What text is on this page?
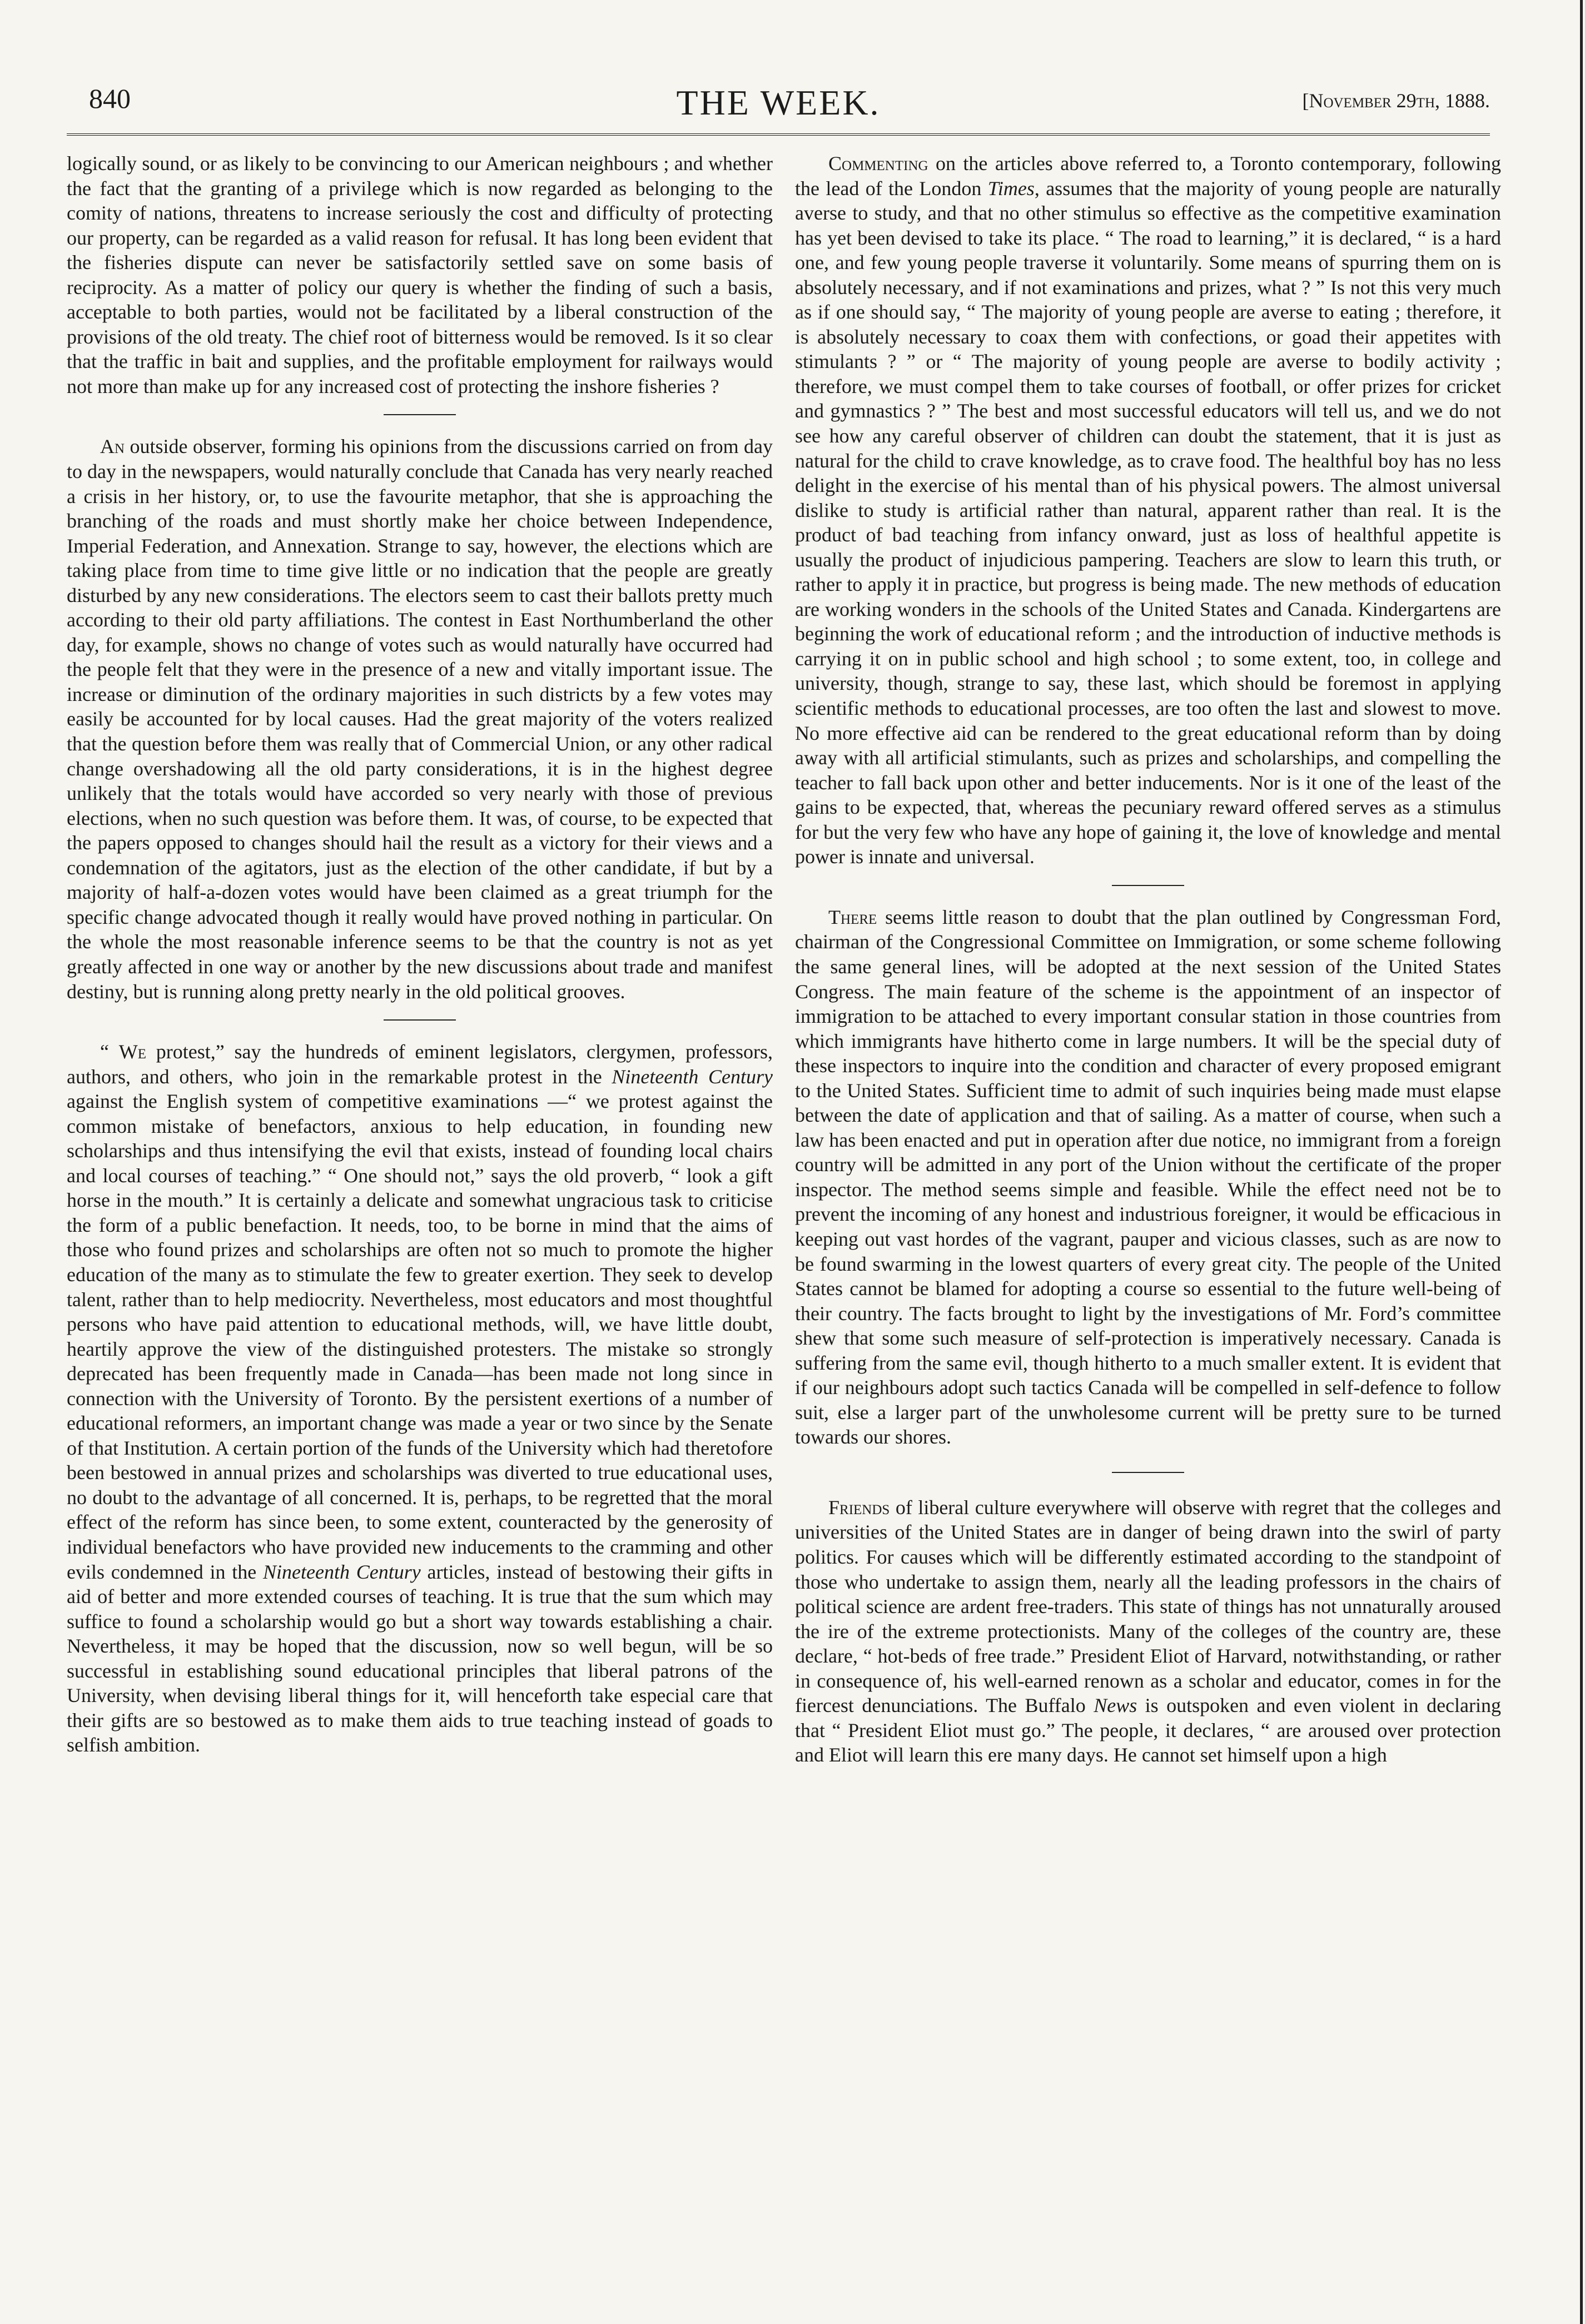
840	THE WEEK.	[November 29th, 1888.

logically sound, or as likely to be convincing to our American neighbours ; and whether the fact that the granting of a privilege which is now regarded as belonging to the comity of nations, threatens to increase seriously the cost and difficulty of protecting our property, can be regarded as a valid reason for refusal. It has long been evident that the fisheries dispute can never be satisfactorily settled save on some basis of reciprocity. As a matter of policy our query is whether the finding of such a basis, acceptable to both parties, would not be facilitated by a liberal construction of the provisions of the old treaty. The chief root of bitterness would be removed. Is it so clear that the traffic in bait and supplies, and the profitable employment for railways would not more than make up for any increased cost of protecting the inshore fisheries ?

An outside observer, forming his opinions from the discussions carried on from day to day in the newspapers, would naturally conclude that Canada has very nearly reached a crisis in her history, or, to use the favourite metaphor, that she is approaching the branching of the roads and must shortly make her choice between Independence, Imperial Federation, and Annexation. Strange to say, however, the elections which are taking place from time to time give little or no indication that the people are greatly disturbed by any new considerations. The electors seem to cast their ballots pretty much according to their old party affiliations. The contest in East Northumberland the other day, for example, shows no change of votes such as would naturally have occurred had the people felt that they were in the presence of a new and vitally important issue. The increase or diminution of the ordinary majorities in such districts by a few votes may easily be accounted for by local causes. Had the great majority of the voters realized that the question before them was really that of Commercial Union, or any other radical change overshadowing all the old party considerations, it is in the highest degree unlikely that the totals would have accorded so very nearly with those of previous elections, when no such question was before them. It was, of course, to be expected that the papers opposed to changes should hail the result as a victory for their views and a condemnation of the agitators, just as the election of the other candidate, if but by a majority of half-a-dozen votes would have been claimed as a great triumph for the specific change advocated though it really would have proved nothing in particular. On the whole the most reasonable inference seems to be that the country is not as yet greatly affected in one way or another by the new discussions about trade and manifest destiny, but is running along pretty nearly in the old political grooves.

“ We protest,” say the hundreds of eminent legislators, clergymen, professors, authors, and others, who join in the remarkable protest in the Nineteenth Century against the English system of competitive examinations —“ we protest against the common mistake of benefactors, anxious to help education, in founding new scholarships and thus intensifying the evil that exists, instead of founding local chairs and local courses of teaching.” “ One should not,” says the old proverb, “ look a gift horse in the mouth.” It is certainly a delicate and somewhat ungracious task to criticise the form of a public benefaction. It needs, too, to be borne in mind that the aims of those who found prizes and scholarships are often not so much to promote the higher education of the many as to stimulate the few to greater exertion. They seek to develop talent, rather than to help mediocrity. Nevertheless, most educators and most thoughtful persons who have paid attention to educational methods, will, we have little doubt, heartily approve the view of the distinguished protesters. The mistake so strongly deprecated has been frequently made in Canada—has been made not long since in connection with the University of Toronto. By the persistent exertions of a number of educational reformers, an important change was made a year or two since by the Senate of that Institution. A certain portion of the funds of the University which had theretofore been bestowed in annual prizes and scholarships was diverted to true educational uses, no doubt to the advantage of all concerned. It is, perhaps, to be regretted that the moral effect of the reform has since been, to some extent, counteracted by the generosity of individual benefactors who have provided new inducements to the cramming and other evils condemned in the Nineteenth Century articles, instead of bestowing their gifts in aid of better and more extended courses of teaching. It is true that the sum which may suffice to found a scholarship would go but a short way towards establishing a chair. Nevertheless, it may be hoped that the discussion, now so well begun, will be so successful in establishing sound educational principles that liberal patrons of the University, when devising liberal things for it, will henceforth take especial care that their gifts are so bestowed as to make them aids to true teaching instead of goads to selfish ambition.

Commenting on the articles above referred to, a Toronto contemporary, following the lead of the London Times, assumes that the majority of young people are naturally averse to study, and that no other stimulus so effective as the competitive examination has yet been devised to take its place. “ The road to learning,” it is declared, “ is a hard one, and few young people traverse it voluntarily. Some means of spurring them on is absolutely necessary, and if not examinations and prizes, what ? ” Is not this very much as if one should say, “ The majority of young people are averse to eating ; therefore, it is absolutely necessary to coax them with confections, or goad their appetites with stimulants ? ” or “ The majority of young people are averse to bodily activity ; therefore, we must compel them to take courses of football, or offer prizes for cricket and gymnastics ? ” The best and most successful educators will tell us, and we do not see how any careful observer of children can doubt the statement, that it is just as natural for the child to crave knowledge, as to crave food. The healthful boy has no less delight in the exercise of his mental than of his physical powers. The almost universal dislike to study is artificial rather than natural, apparent rather than real. It is the product of bad teaching from infancy onward, just as loss of healthful appetite is usually the product of injudicious pampering. Teachers are slow to learn this truth, or rather to apply it in practice, but progress is being made. The new methods of education are working wonders in the schools of the United States and Canada. Kindergartens are beginning the work of educational reform ; and the introduction of inductive methods is carrying it on in public school and high school ; to some extent, too, in college and university, though, strange to say, these last, which should be foremost in applying scientific methods to educational processes, are too often the last and slowest to move. No more effective aid can be rendered to the great educational reform than by doing away with all artificial stimulants, such as prizes and scholarships, and compelling the teacher to fall back upon other and better inducements. Nor is it one of the least of the gains to be expected, that, whereas the pecuniary reward offered serves as a stimulus for but the very few who have any hope of gaining it, the love of knowledge and mental power is innate and universal.

There seems little reason to doubt that the plan outlined by Congressman Ford, chairman of the Congressional Committee on Immigration, or some scheme following the same general lines, will be adopted at the next session of the United States Congress. The main feature of the scheme is the appointment of an inspector of immigration to be attached to every important consular station in those countries from which immigrants have hitherto come in large numbers. It will be the special duty of these inspectors to inquire into the condition and character of every proposed emigrant to the United States. Sufficient time to admit of such inquiries being made must elapse between the date of application and that of sailing. As a matter of course, when such a law has been enacted and put in operation after due notice, no immigrant from a foreign country will be admitted in any port of the Union without the certificate of the proper inspector. The method seems simple and feasible. While the effect need not be to prevent the incoming of any honest and industrious foreigner, it would be efficacious in keeping out vast hordes of the vagrant, pauper and vicious classes, such as are now to be found swarming in the lowest quarters of every great city. The people of the United States cannot be blamed for adopting a course so essential to the future well-being of their country. The facts brought to light by the investigations of Mr. Ford’s committee shew that some such measure of self-protection is imperatively necessary. Canada is suffering from the same evil, though hitherto to a much smaller extent. It is evident that if our neighbours adopt such tactics Canada will be compelled in self-defence to follow suit, else a larger part of the unwholesome current will be pretty sure to be turned towards our shores.

Friends of liberal culture everywhere will observe with regret that the colleges and universities of the United States are in danger of being drawn into the swirl of party politics. For causes which will be differently estimated according to the standpoint of those who undertake to assign them, nearly all the leading professors in the chairs of political science are ardent free-traders. This state of things has not unnaturally aroused the ire of the extreme protectionists. Many of the colleges of the country are, these declare, “ hot-beds of free trade.” President Eliot of Harvard, notwithstanding, or rather in consequence of, his well-earned renown as a scholar and educator, comes in for the fiercest denunciations. The Buffalo News is outspoken and even violent in declaring that “ President Eliot must go.” The people, it declares, “ are aroused over protection and Eliot will learn this ere many days. He cannot set himself upon a high
